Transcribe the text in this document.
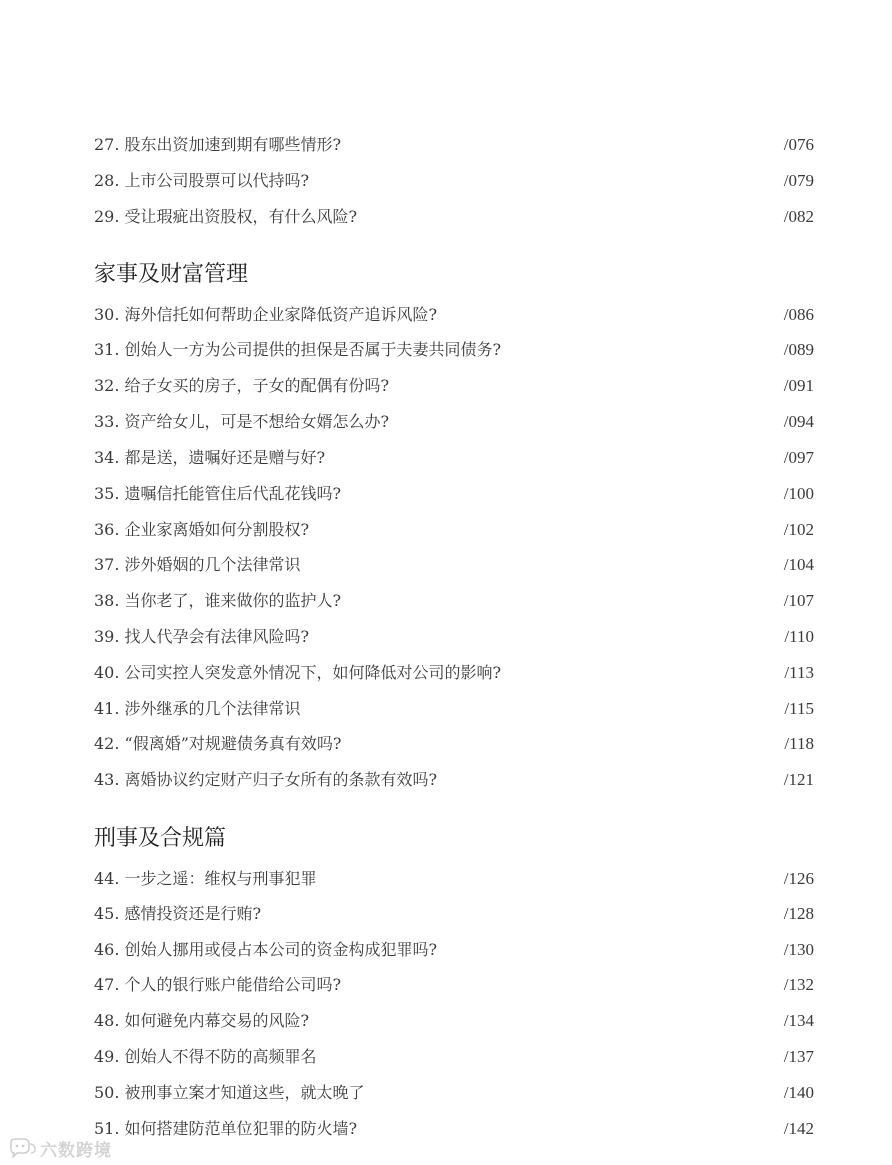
27. 股东出资加速到期有哪些情形?	/076
28. 上市公司股票可以代持吗?	/079
29. 受让瑕疵出资股权，有什么风险?	/082
家事及财富管理
30. 海外信托如何帮助企业家降低资产追诉风险?	/086
31. 创始人一方为公司提供的担保是否属于夫妻共同债务?	/089
32. 给子女买的房子，子女的配偶有份吗?	/091
33. 资产给女儿，可是不想给女婿怎么办?	/094
34. 都是送，遗嘱好还是赠与好?	/097
35. 遗嘱信托能管住后代乱花钱吗?	/100
36. 企业家离婚如何分割股权?	/102
37. 涉外婚姻的几个法律常识	/104
38. 当你老了，谁来做你的监护人?	/107
39. 找人代孕会有法律风险吗?	/110
40. 公司实控人突发意外情况下，如何降低对公司的影响?	/113
41. 涉外继承的几个法律常识	/115
42. “假离婚”对规避债务真有效吗?	/118
43. 离婚协议约定财产归子女所有的条款有效吗?	/121
刑事及合规篇
44. 一步之遥：维权与刑事犯罪	/126
45. 感情投资还是行贿?	/128
46. 创始人挪用或侵占本公司的资金构成犯罪吗?	/130
47. 个人的银行账户能借给公司吗?	/132
48. 如何避免内幕交易的风险?	/134
49. 创始人不得不防的高频罪名	/137
50. 被刑事立案才知道这些，就太晚了	/140
51. 如何搭建防范单位犯罪的防火墙?	/142
六数跨境
